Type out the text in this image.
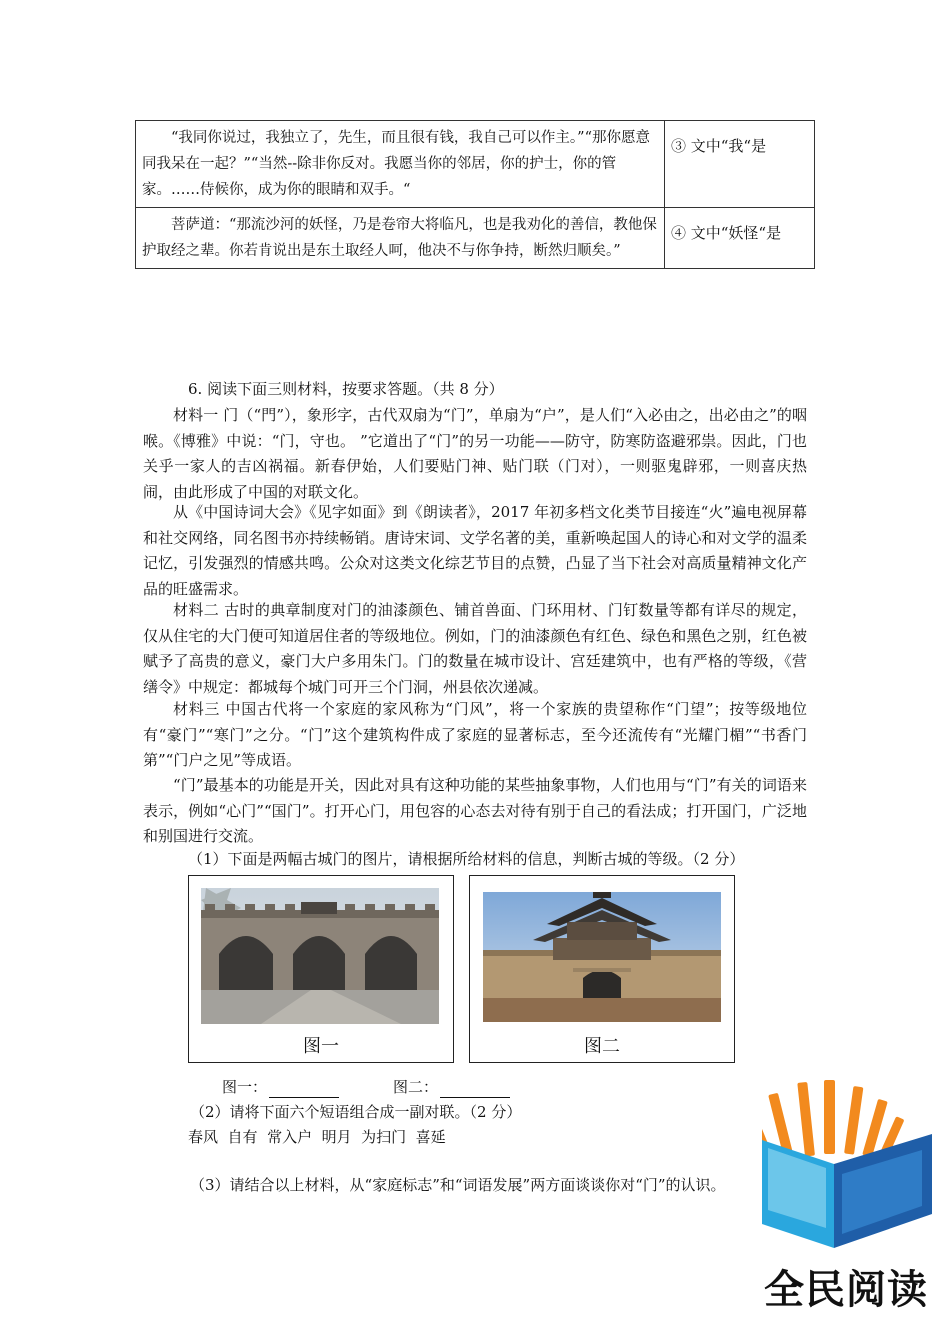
“我同你说过，我独立了，先生，而且很有钱，我自己可以作主。”“那你愿意同我呆在一起？”“当然--除非你反对。我愿当你的邻居，你的护士，你的管家。……侍候你，成为你的眼睛和双手。“	③ 文中“我“是
菩萨道：“那流沙河的妖怪，乃是卷帘大将临凡，也是我劝化的善信，教他保护取经之辈。你若肯说出是东土取经人呵，他决不与你争持，断然归顺矣。”	④ 文中“妖怪“是
6. 阅读下面三则材料，按要求答题。（共 8 分）

材料一 门（“門”），象形字，古代双扇为“门”，单扇为“户”，是人们“入必由之，出必由之”的咽喉。《博雅》中说：“门，守也。 ”它道出了“门”的另一功能——防守，防寒防盗避邪祟。因此，门也关乎一家人的吉凶祸福。新春伊始，人们要贴门神、贴门联（门对），一则驱鬼辟邪，一则喜庆热闹，由此形成了中国的对联文化。

从《中国诗词大会》《见字如面》到《朗读者》，2017 年初多档文化类节目接连“火”遍电视屏幕和社交网络，同名图书亦持续畅销。唐诗宋词、文学名著的美，重新唤起国人的诗心和对文学的温柔记忆，引发强烈的情感共鸣。公众对这类文化综艺节目的点赞，凸显了当下社会对高质量精神文化产品的旺盛需求。

材料二 古时的典章制度对门的油漆颜色、铺首兽面、门环用材、门钉数量等都有详尽的规定，仅从住宅的大门便可知道居住者的等级地位。例如，门的油漆颜色有红色、绿色和黑色之别，红色被赋予了高贵的意义，豪门大户多用朱门。门的数量在城市设计、宫廷建筑中，也有严格的等级，《营缮令》中规定：都城每个城门可开三个门洞，州县依次递减。

材料三 中国古代将一个家庭的家风称为“门风”，将一个家族的贵望称作“门望”；按等级地位有“豪门”“寒门”之分。“门”这个建筑构件成了家庭的显著标志，至今还流传有“光耀门楣”“书香门第”“门户之见”等成语。

“门”最基本的功能是开关，因此对具有这种功能的某些抽象事物，人们也用与“门”有关的词语来表示，例如“心门”“国门”。打开心门，用包容的心态去对待有别于自己的看法成；打开国门，广泛地和别国进行交流。

（1）下面是两幅古城门的图片，请根据所给材料的信息，判断古城的等级。（2 分）
图一	图二
图一：	图二：
（2）请将下面六个短语组合成一副对联。（2 分）
春风  自有  常入户  明月  为扫门  喜延
（3）请结合以上材料，从“家庭标志”和“词语发展”两方面谈谈你对“门”的认识。
全民阅读
